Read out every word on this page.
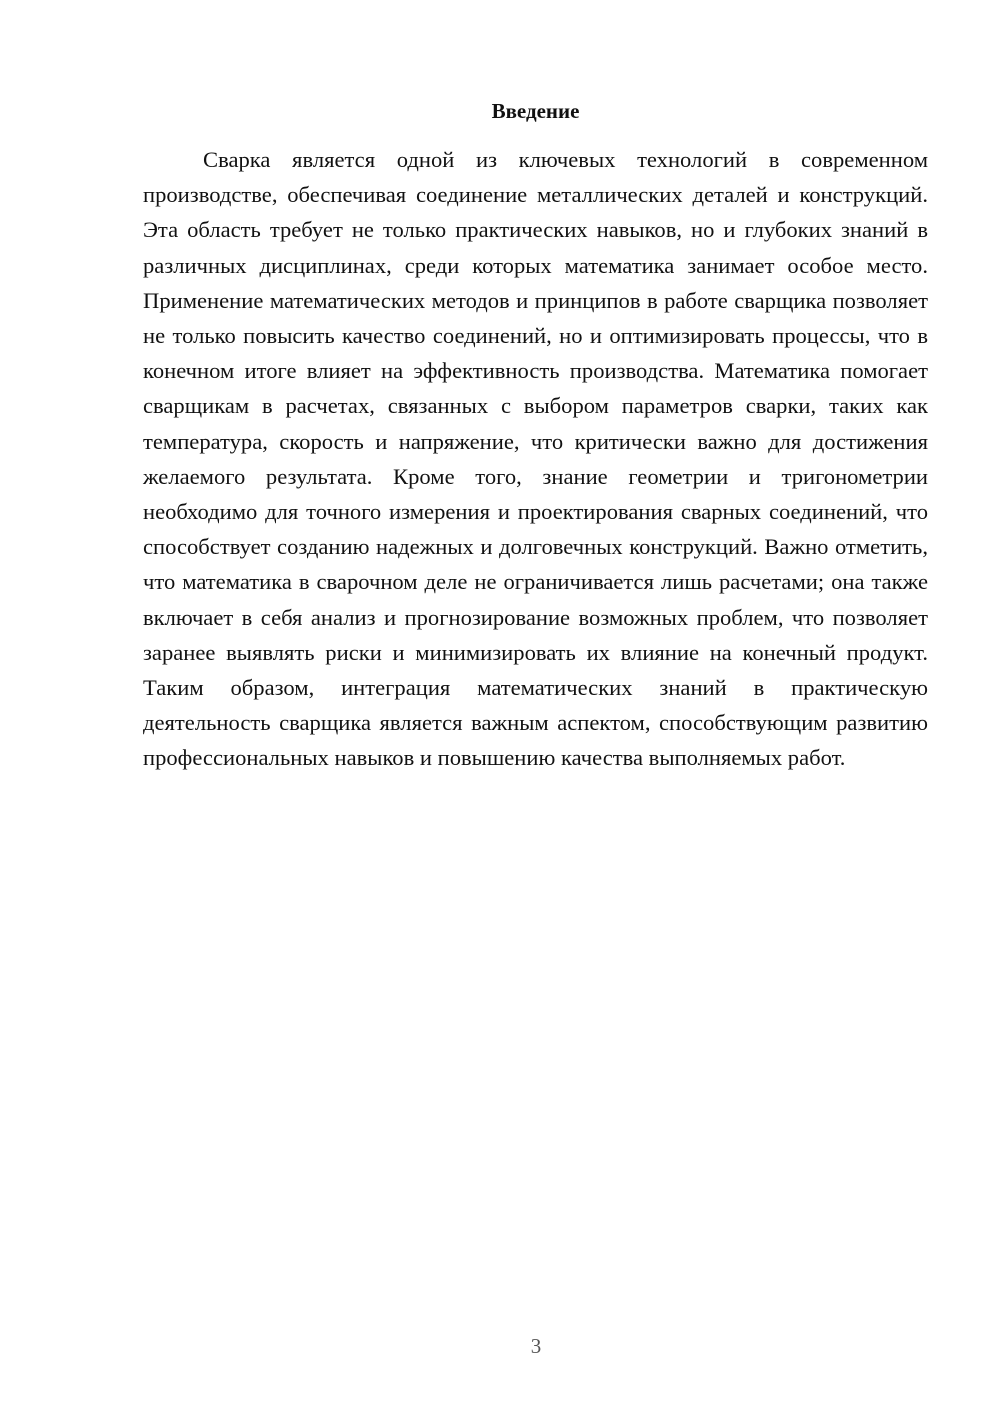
Введение

Сварка является одной из ключевых технологий в современном производстве, обеспечивая соединение металлических деталей и конструкций. Эта область требует не только практических навыков, но и глубоких знаний в различных дисциплинах, среди которых математика занимает особое место. Применение математических методов и принципов в работе сварщика позволяет не только повысить качество соединений, но и оптимизировать процессы, что в конечном итоге влияет на эффективность производства. Математика помогает сварщикам в расчетах, связанных с выбором параметров сварки, таких как температура, скорость и напряжение, что критически важно для достижения желаемого результата. Кроме того, знание геометрии и тригонометрии необходимо для точного измерения и проектирования сварных соединений, что способствует созданию надежных и долговечных конструкций. Важно отметить, что математика в сварочном деле не ограничивается лишь расчетами; она также включает в себя анализ и прогнозирование возможных проблем, что позволяет заранее выявлять риски и минимизировать их влияние на конечный продукт. Таким образом, интеграция математических знаний в практическую деятельность сварщика является важным аспектом, способствующим развитию профессиональных навыков и повышению качества выполняемых работ.

3
